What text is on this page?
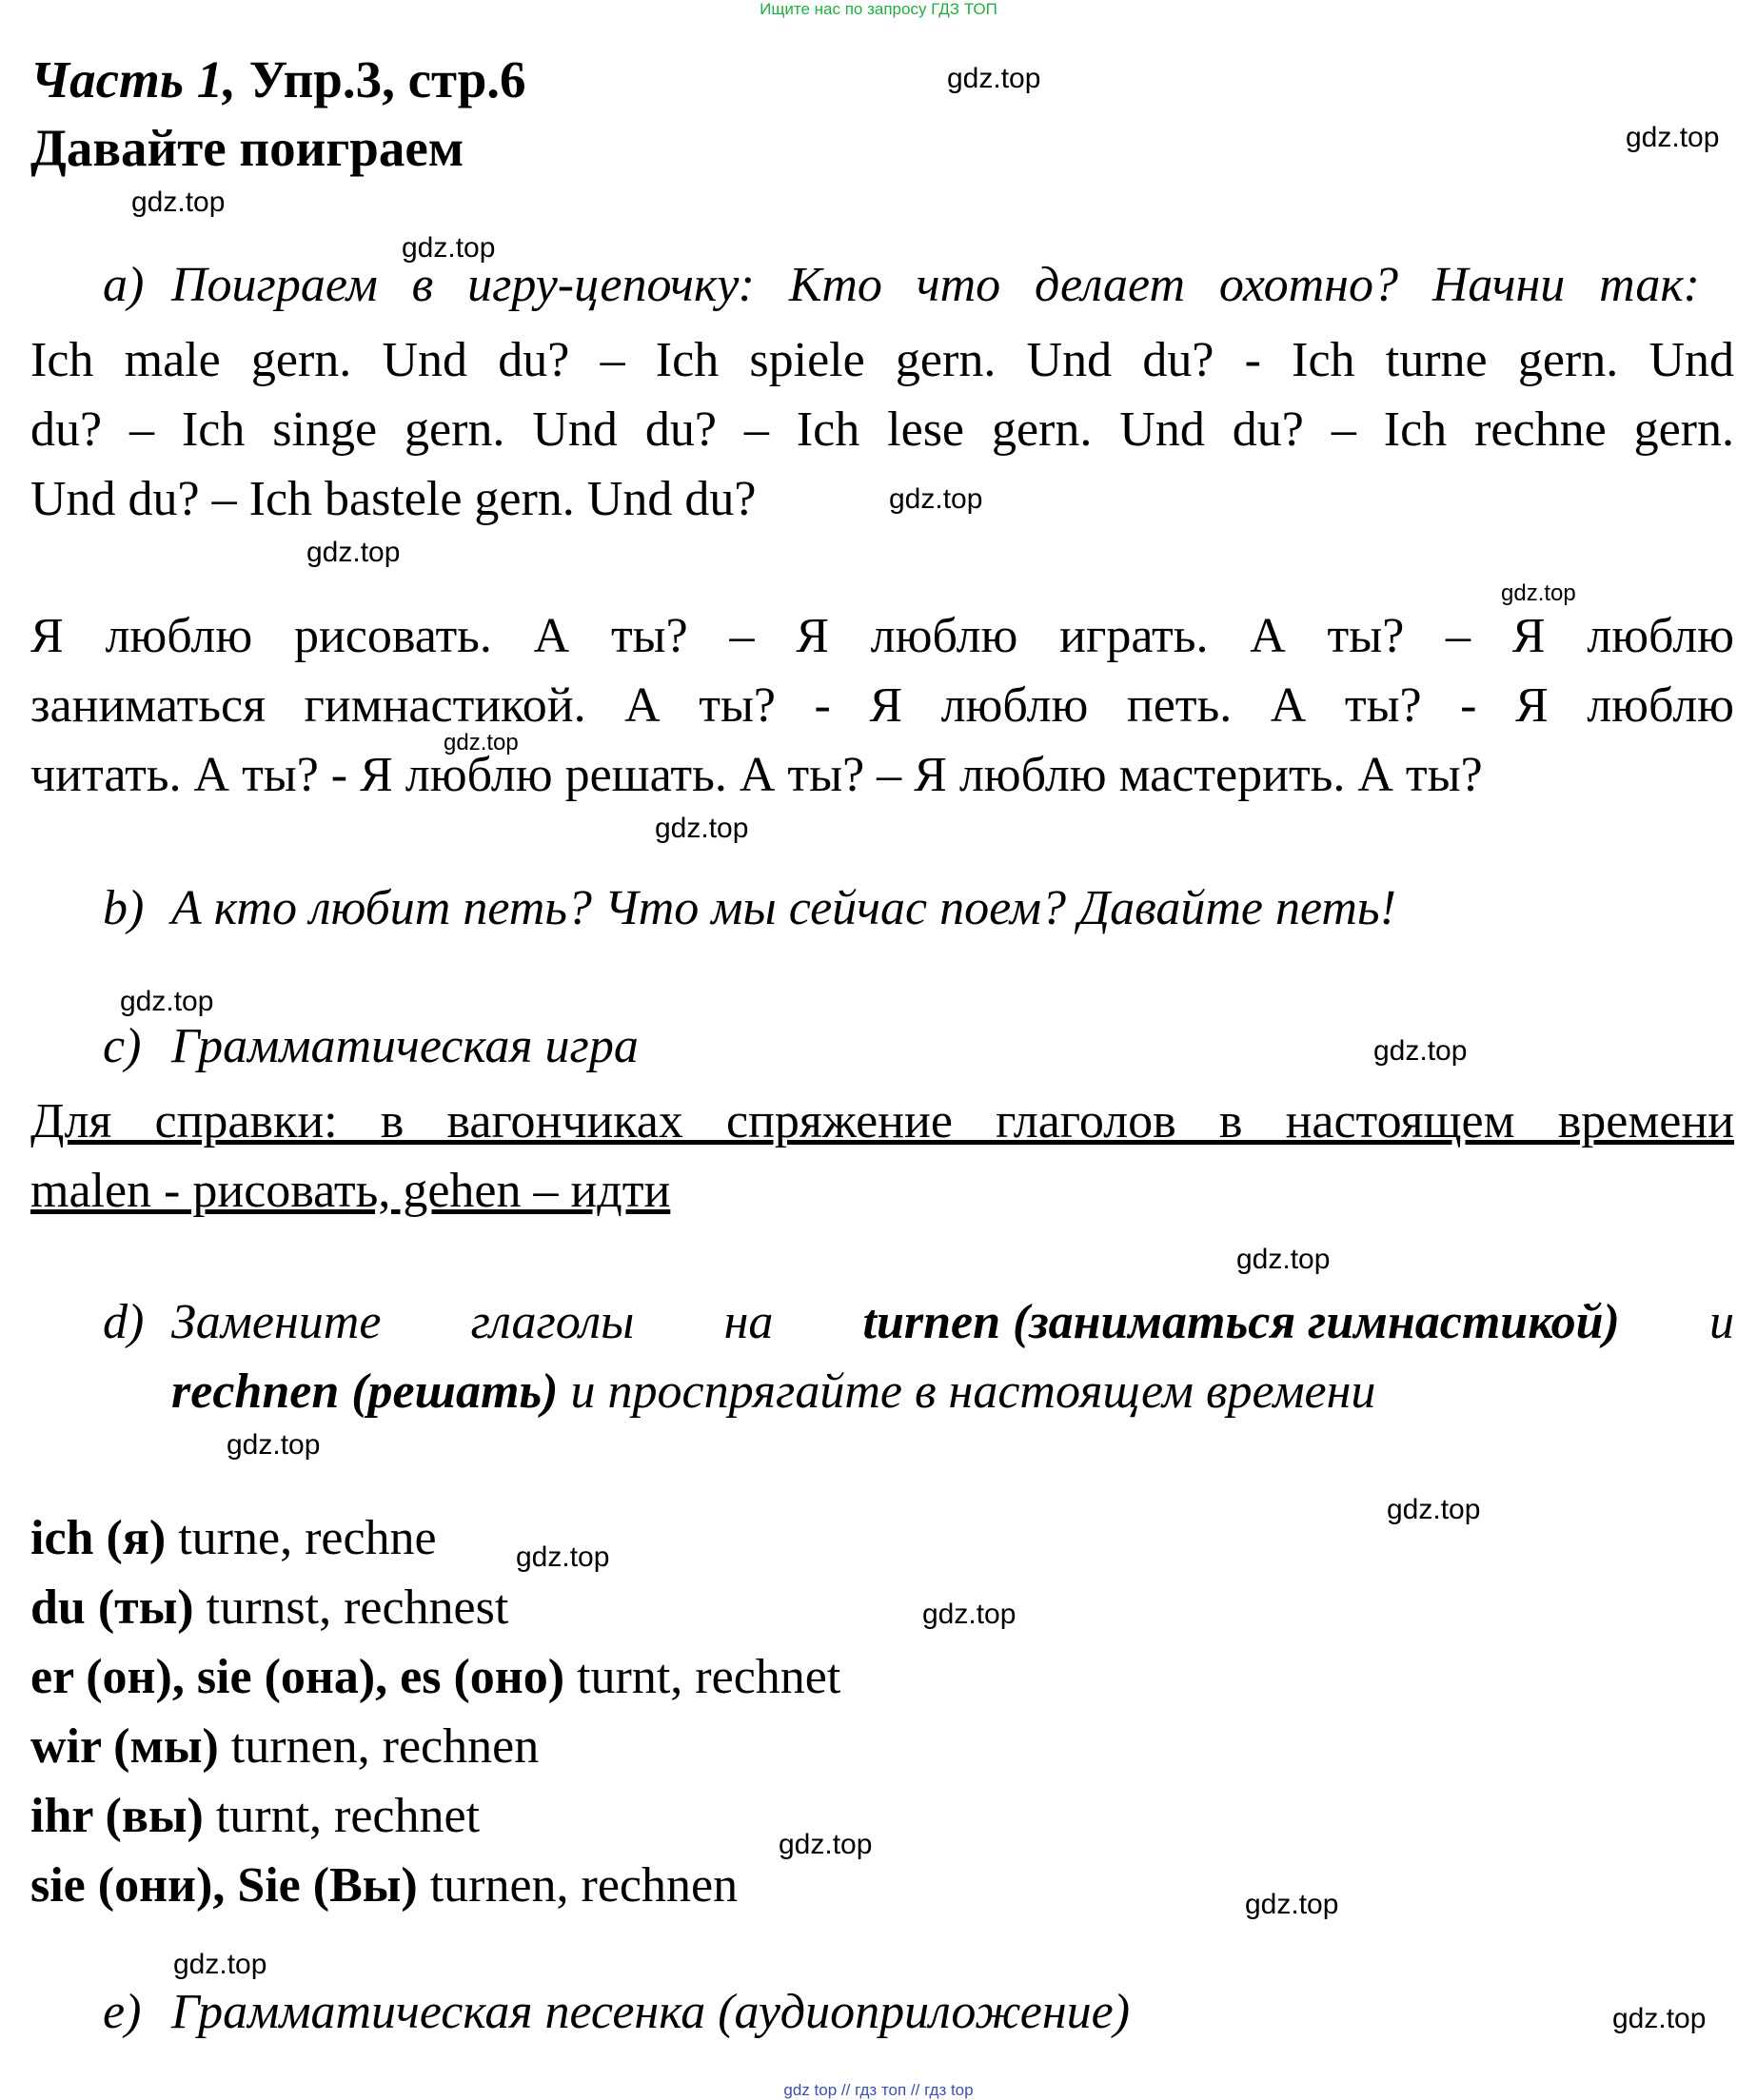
Ищите нас по запросу ГДЗ ТОП
gdz top // гдз топ // гдз top
Часть 1, Упр.3, стр.6
Давайте поиграем
a) Поиграем в игру-цепочку: Кто что делает охотно? Начни так:
Ich male gern. Und du? – Ich spiele gern. Und du? - Ich turne gern. Und
du? – Ich singe gern. Und du? – Ich lese gern. Und du? – Ich rechne gern.
Und du? – Ich bastele gern. Und du?
Я люблю рисовать. А ты? – Я люблю играть. А ты? – Я люблю
заниматься гимнастикой. А ты? - Я люблю петь. А ты? - Я люблю
читать. А ты? - Я люблю решать. А ты? – Я люблю мастерить. А ты?
b) А кто любит петь? Что мы сейчас поем? Давайте петь!
c) Грамматическая игра
Для справки: в вагончиках спряжение глаголов в настоящем времени
malen - рисовать, gehen – идти
d) Замените глаголы на turnen (заниматься гимнастикой) и
rechnen (решать) и проспрягайте в настоящем времени
ich (я) turne, rechne
du (ты) turnst, rechnest
er (он), sie (она), es (оно) turnt, rechnet
wir (мы) turnen, rechnen
ihr (вы) turnt, rechnet
sie (они), Sie (Вы) turnen, rechnen
e) Грамматическая песенка (аудиоприложение)
gdz.top
gdz.top
gdz.top
gdz.top
gdz.top
gdz.top
gdz.top
gdz.top
gdz.top
gdz.top
gdz.top
gdz.top
gdz.top
gdz.top
gdz.top
gdz.top
gdz.top
gdz.top
gdz.top
gdz.top
